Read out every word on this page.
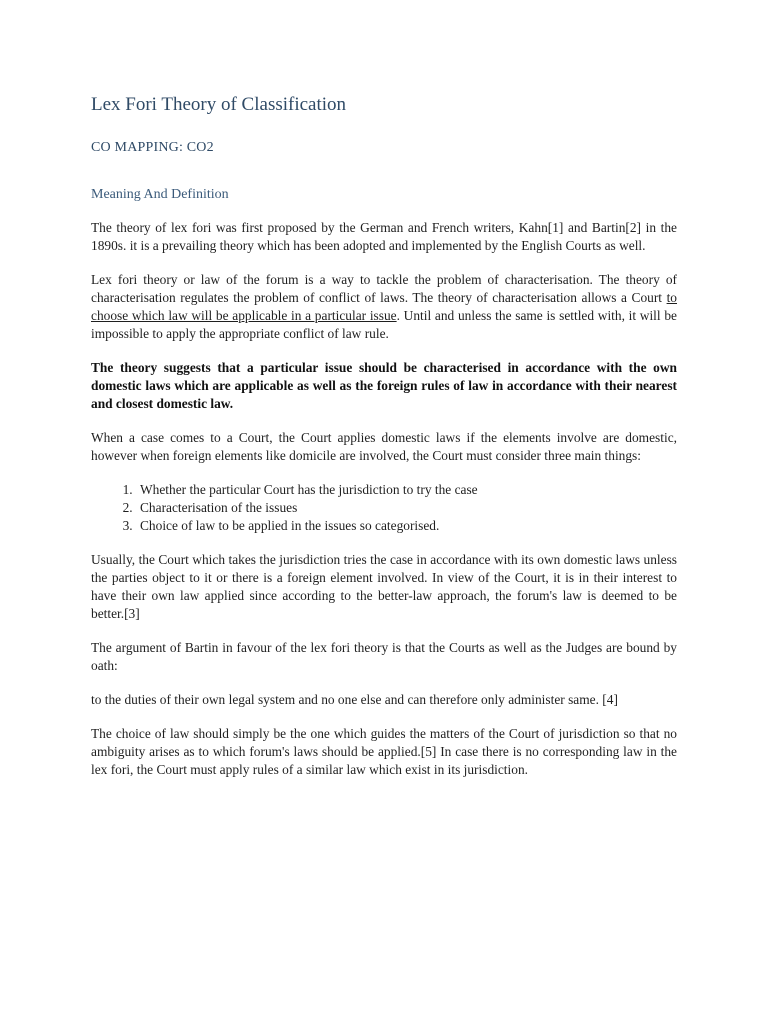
Lex Fori Theory of Classification
CO MAPPING: CO2
Meaning And Definition

The theory of lex fori was first proposed by the German and French writers, Kahn[1] and Bartin[2] in the 1890s. it is a prevailing theory which has been adopted and implemented by the English Courts as well.

Lex fori theory or law of the forum is a way to tackle the problem of characterisation. The theory of characterisation regulates the problem of conflict of laws. The theory of characterisation allows a Court to choose which law will be applicable in a particular issue. Until and unless the same is settled with, it will be impossible to apply the appropriate conflict of law rule.

The theory suggests that a particular issue should be characterised in accordance with the own domestic laws which are applicable as well as the foreign rules of law in accordance with their nearest and closest domestic law.

When a case comes to a Court, the Court applies domestic laws if the elements involve are domestic, however when foreign elements like domicile are involved, the Court must consider three main things:

1. Whether the particular Court has the jurisdiction to try the case
2. Characterisation of the issues
3. Choice of law to be applied in the issues so categorised.

Usually, the Court which takes the jurisdiction tries the case in accordance with its own domestic laws unless the parties object to it or there is a foreign element involved. In view of the Court, it is in their interest to have their own law applied since according to the better-law approach, the forum's law is deemed to be better.[3]

The argument of Bartin in favour of the lex fori theory is that the Courts as well as the Judges are bound by oath:

to the duties of their own legal system and no one else and can therefore only administer same. [4]

The choice of law should simply be the one which guides the matters of the Court of jurisdiction so that no ambiguity arises as to which forum's laws should be applied.[5] In case there is no corresponding law in the lex fori, the Court must apply rules of a similar law which exist in its jurisdiction.
